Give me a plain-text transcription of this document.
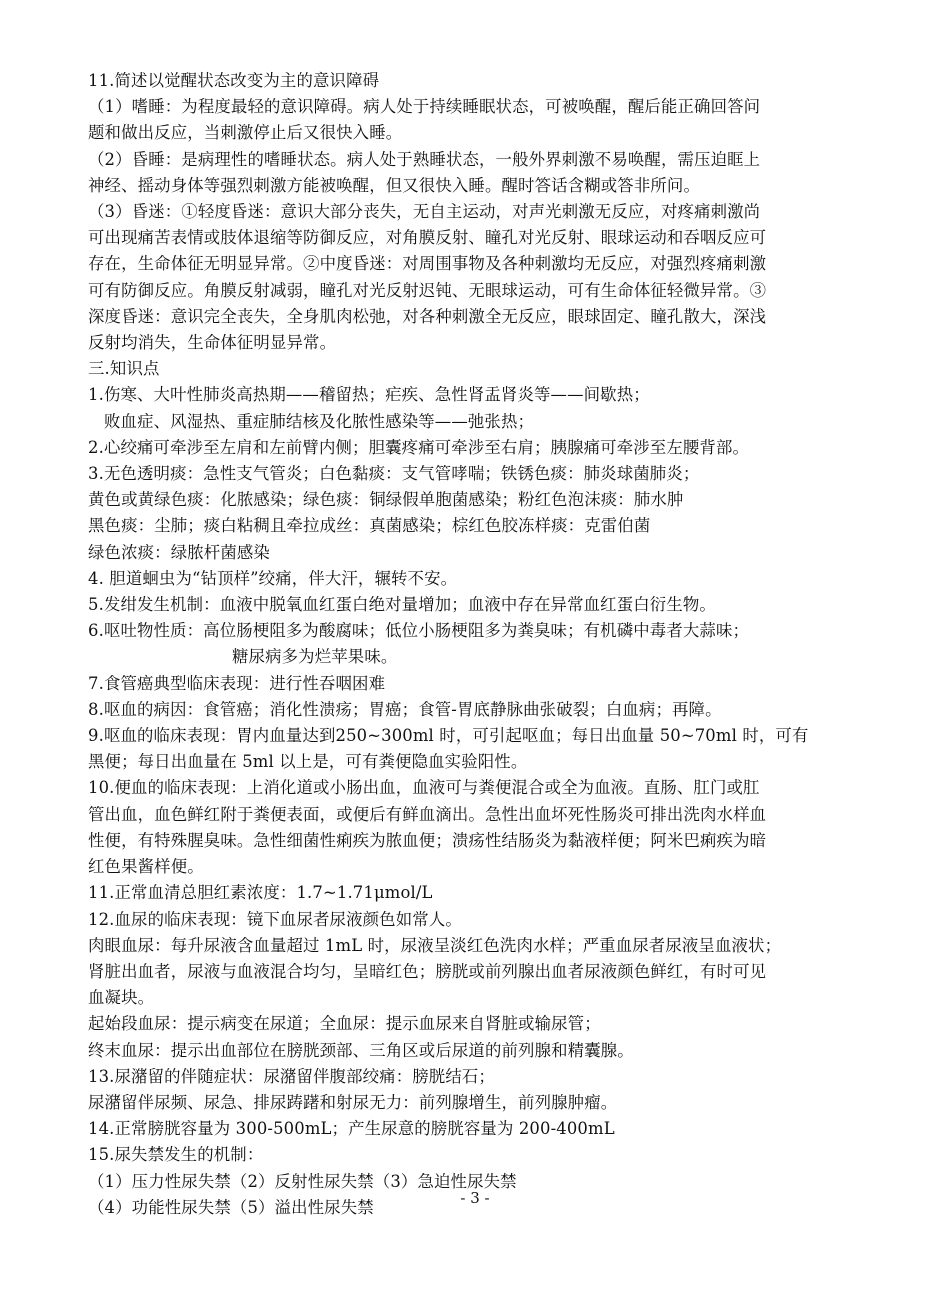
11.简述以觉醒状态改变为主的意识障碍
（1）嗜睡：为程度最轻的意识障碍。病人处于持续睡眠状态，可被唤醒，醒后能正确回答问
题和做出反应，当刺激停止后又很快入睡。
（2）昏睡：是病理性的嗜睡状态。病人处于熟睡状态，一般外界刺激不易唤醒，需压迫眶上
神经、摇动身体等强烈刺激方能被唤醒，但又很快入睡。醒时答话含糊或答非所问。
（3）昏迷：①轻度昏迷：意识大部分丧失，无自主运动，对声光刺激无反应，对疼痛刺激尚
可出现痛苦表情或肢体退缩等防御反应，对角膜反射、瞳孔对光反射、眼球运动和吞咽反应可
存在，生命体征无明显异常。②中度昏迷：对周围事物及各种刺激均无反应，对强烈疼痛刺激
可有防御反应。角膜反射减弱，瞳孔对光反射迟钝、无眼球运动，可有生命体征轻微异常。③
深度昏迷：意识完全丧失，全身肌肉松弛，对各种刺激全无反应，眼球固定、瞳孔散大，深浅
反射均消失，生命体征明显异常。
三.知识点
1.伤寒、大叶性肺炎高热期——稽留热；疟疾、急性肾盂肾炎等——间歇热；
败血症、风湿热、重症肺结核及化脓性感染等——弛张热；
2.心绞痛可牵涉至左肩和左前臂内侧；胆囊疼痛可牵涉至右肩；胰腺痛可牵涉至左腰背部。
3.无色透明痰：急性支气管炎；白色黏痰：支气管哮喘；铁锈色痰：肺炎球菌肺炎；
黄色或黄绿色痰：化脓感染；绿色痰：铜绿假单胞菌感染；粉红色泡沫痰：肺水肿
黑色痰：尘肺；痰白粘稠且牵拉成丝：真菌感染；棕红色胶冻样痰：克雷伯菌
绿色浓痰：绿脓杆菌感染
4. 胆道蛔虫为“钻顶样”绞痛，伴大汗，辗转不安。
5.发绀发生机制：血液中脱氧血红蛋白绝对量增加；血液中存在异常血红蛋白衍生物。
6.呕吐物性质：高位肠梗阻多为酸腐味；低位小肠梗阻多为粪臭味；有机磷中毒者大蒜味；
糖尿病多为烂苹果味。
7.食管癌典型临床表现：进行性吞咽困难
8.呕血的病因：食管癌；消化性溃疡；胃癌；食管-胃底静脉曲张破裂；白血病；再障。
9.呕血的临床表现：胃内血量达到250~300ml 时，可引起呕血；每日出血量 50~70ml 时，可有
黑便；每日出血量在 5ml 以上是，可有粪便隐血实验阳性。
10.便血的临床表现：上消化道或小肠出血，血液可与粪便混合或全为血液。直肠、肛门或肛
管出血，血色鲜红附于粪便表面，或便后有鲜血滴出。急性出血坏死性肠炎可排出洗肉水样血
性便，有特殊腥臭味。急性细菌性痢疾为脓血便；溃疡性结肠炎为黏液样便；阿米巴痢疾为暗
红色果酱样便。
11.正常血清总胆红素浓度：1.7~1.71μmol/L
12.血尿的临床表现：镜下血尿者尿液颜色如常人。
肉眼血尿：每升尿液含血量超过 1mL 时，尿液呈淡红色洗肉水样；严重血尿者尿液呈血液状；
肾脏出血者，尿液与血液混合均匀，呈暗红色；膀胱或前列腺出血者尿液颜色鲜红，有时可见
血凝块。
起始段血尿：提示病变在尿道；全血尿：提示血尿来自肾脏或输尿管；
终末血尿：提示出血部位在膀胱颈部、三角区或后尿道的前列腺和精囊腺。
13.尿潴留的伴随症状：尿潴留伴腹部绞痛：膀胱结石；
尿潴留伴尿频、尿急、排尿踌躇和射尿无力：前列腺增生，前列腺肿瘤。
14.正常膀胱容量为 300-500mL；产生尿意的膀胱容量为 200-400mL
15.尿失禁发生的机制：
（1）压力性尿失禁（2）反射性尿失禁（3）急迫性尿失禁
（4）功能性尿失禁（5）溢出性尿失禁	- 3 -
